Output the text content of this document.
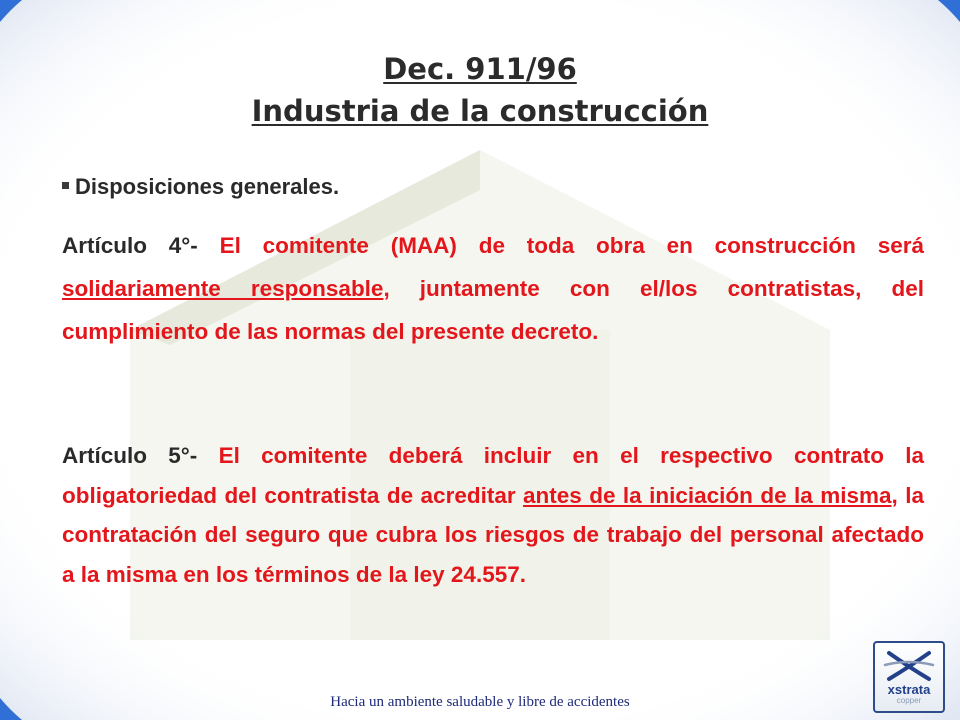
Dec. 911/96
Industria de la construcción
Disposiciones generales.
Artículo 4°- El comitente (MAA) de toda obra en construcción será solidariamente responsable, juntamente con el/los contratistas, del cumplimiento de las normas del presente decreto.
Artículo 5°- El comitente deberá incluir en el respectivo contrato la obligatoriedad del contratista de acreditar antes de la iniciación de la misma, la contratación del seguro que cubra los riesgos de trabajo del personal afectado a la misma en los términos de la ley 24.557.
Hacia un ambiente saludable y libre de accidentes
xstrata
copper
